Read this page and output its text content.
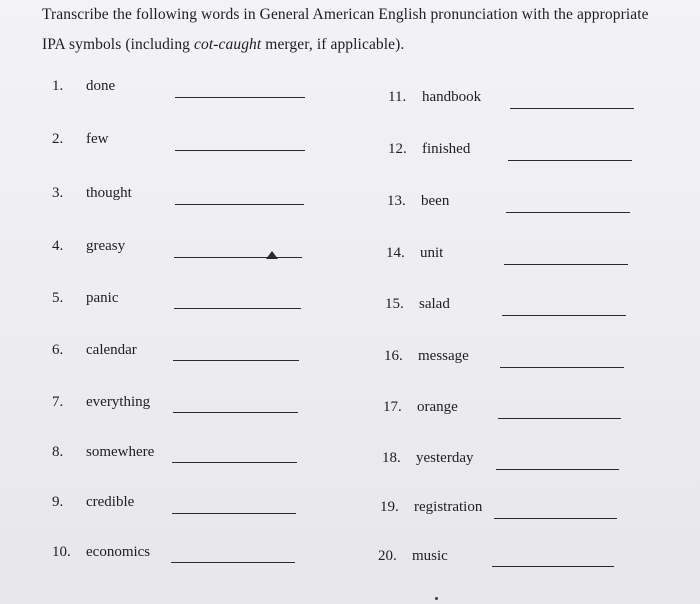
Transcribe the following words in General American English pronunciation with the appropriate
IPA symbols (including cot-caught merger, if applicable).
1. done
2. few
3. thought
4. greasy
5. panic
6. calendar
7. everything
8. somewhere
9. credible
10. economics
11. handbook
12. finished
13. been
14. unit
15. salad
16. message
17. orange
18. yesterday
19. registration
20. music
